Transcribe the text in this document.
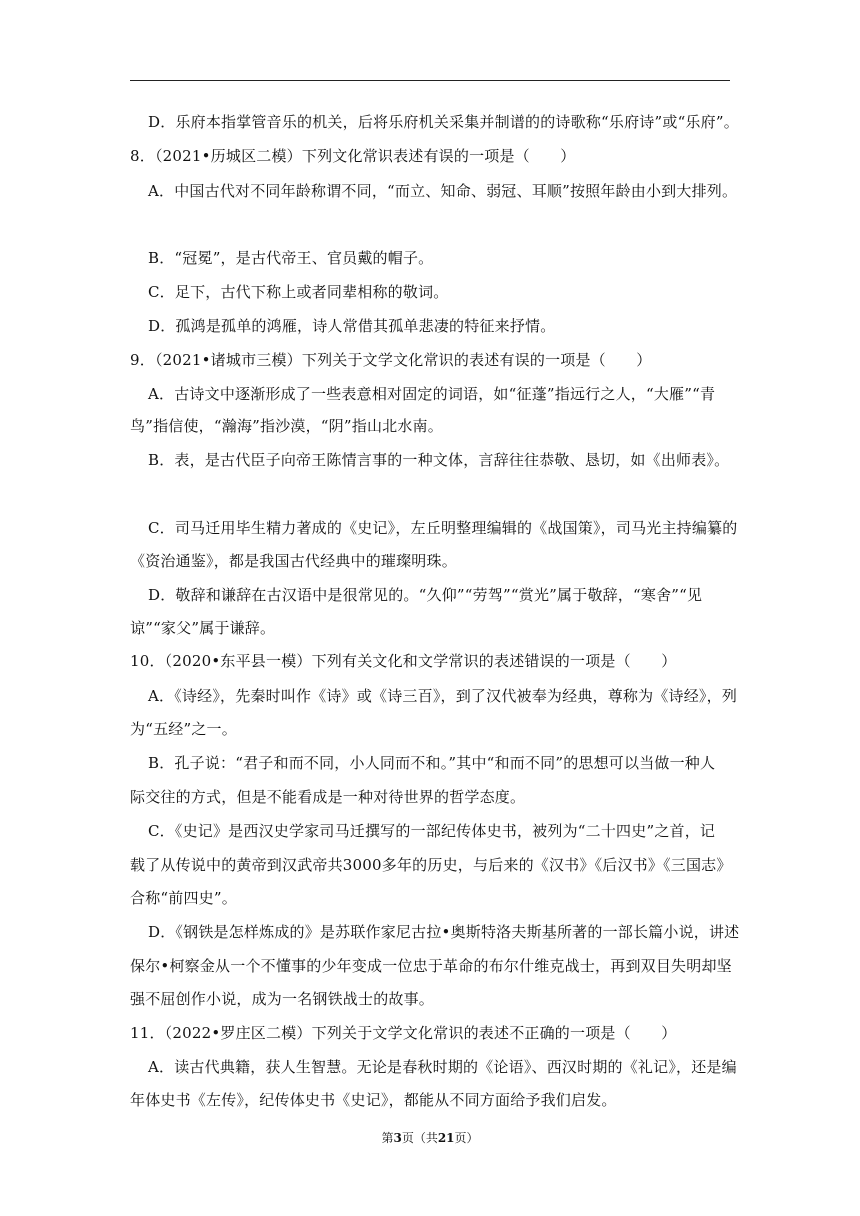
D．乐府本指掌管音乐的机关，后将乐府机关采集并制谱的的诗歌称“乐府诗”或“乐府”。
8．（2021•历城区二模）下列文化常识表述有误的一项是（　　）
A．中国古代对不同年龄称谓不同，“而立、知命、弱冠、耳顺”按照年龄由小到大排列。
B．“冠冕”，是古代帝王、官员戴的帽子。
C．足下，古代下称上或者同辈相称的敬词。
D．孤鸿是孤单的鸿雁，诗人常借其孤单悲凄的特征来抒情。
9．（2021•诸城市三模）下列关于文学文化常识的表述有误的一项是（　　）
A．古诗文中逐渐形成了一些表意相对固定的词语，如“征蓬”指远行之人，“大雁”“青
鸟”指信使，“瀚海”指沙漠，“阴”指山北水南。
B．表，是古代臣子向帝王陈情言事的一种文体，言辞往往恭敬、恳切，如《出师表》。
C．司马迁用毕生精力著成的《史记》，左丘明整理编辑的《战国策》，司马光主持编纂的
《资治通鉴》，都是我国古代经典中的璀璨明珠。
D．敬辞和谦辞在古汉语中是很常见的。“久仰”“劳驾”“赏光”属于敬辞，“寒舍”“见
谅”“家父”属于谦辞。
10．（2020•东平县一模）下列有关文化和文学常识的表述错误的一项是（　　）
A．《诗经》，先秦时叫作《诗》或《诗三百》，到了汉代被奉为经典，尊称为《诗经》，列
为“五经”之一。
B．孔子说：“君子和而不同，小人同而不和。”其中“和而不同”的思想可以当做一种人
际交往的方式，但是不能看成是一种对待世界的哲学态度。
C．《史记》是西汉史学家司马迁撰写的一部纪传体史书，被列为“二十四史”之首，记
载了从传说中的黄帝到汉武帝共3000多年的历史，与后来的《汉书》《后汉书》《三国志》
合称“前四史”。
D．《钢铁是怎样炼成的》是苏联作家尼古拉•奥斯特洛夫斯基所著的一部长篇小说，讲述
保尔•柯察金从一个不懂事的少年变成一位忠于革命的布尔什维克战士，再到双目失明却坚
强不屈创作小说，成为一名钢铁战士的故事。
11．（2022•罗庄区二模）下列关于文学文化常识的表述不正确的一项是（　　）
A．读古代典籍，获人生智慧。无论是春秋时期的《论语》、西汉时期的《礼记》，还是编
年体史书《左传》，纪传体史书《史记》，都能从不同方面给予我们启发。
第3页（共21页）
